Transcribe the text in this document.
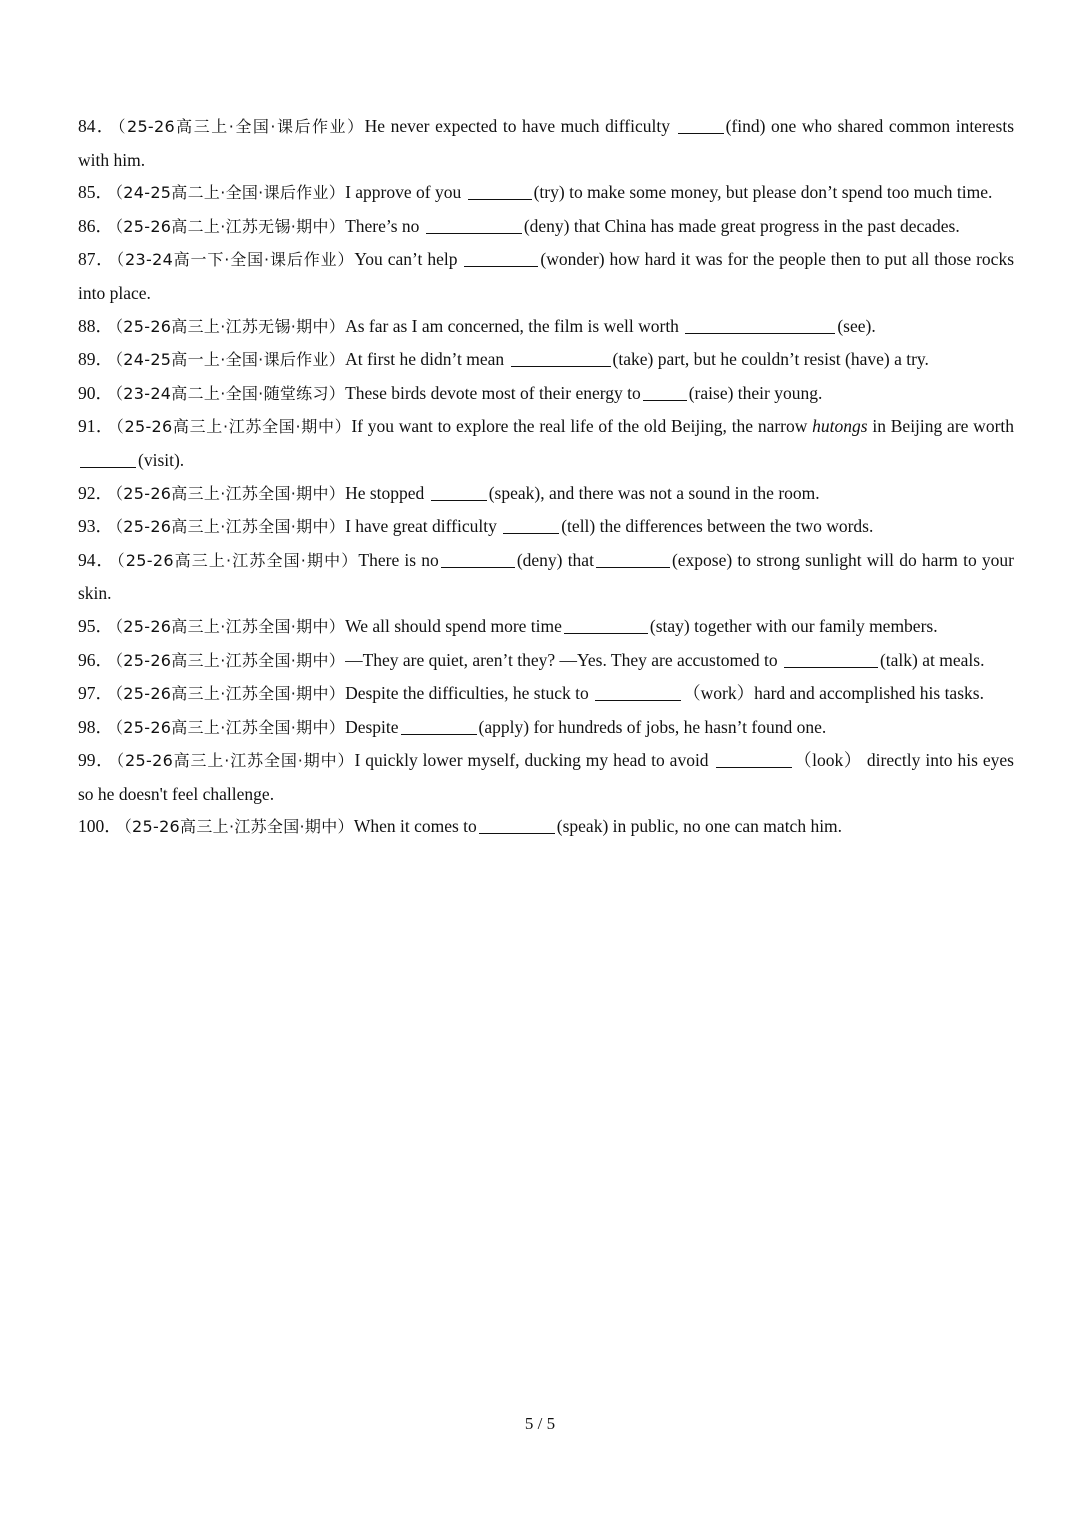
84． （25-26高三上·全国·课后作业）He never expected to have much difficulty	(find) one who shared common interests with him.

85． （24-25高二上·全国·课后作业）I approve of you	(try) to make some money, but please don’t spend too much time.

86． （25-26高二上·江苏无锡·期中）There’s no	(deny) that China has made great progress in the past decades.

87． （23-24高一下·全国·课后作业）You can’t help	(wonder) how hard it was for the people then to put all those rocks into place.

88． （25-26高三上·江苏无锡·期中）As far as I am concerned, the film is well worth	(see).

89． （24-25高一上·全国·课后作业）At first he didn’t mean	(take) part, but he couldn’t resist (have) a try.

90． （23-24高二上·全国·随堂练习）These birds devote most of their energy to	(raise) their young.

91． （25-26高三上·江苏全国·期中）If you want to explore the real life of the old Beijing, the narrow hutongs in Beijing are worth (visit).

92． （25-26高三上·江苏全国·期中）He stopped	(speak), and there was not a sound in the room.

93． （25-26高三上·江苏全国·期中）I have great difficulty	(tell) the differences between the two words.

94． （25-26高三上·江苏全国·期中）There is no	(deny) that	(expose) to strong sunlight will do harm to your skin.

95． （25-26高三上·江苏全国·期中）We all should spend more time	(stay) together with our family members.

96． （25-26高三上·江苏全国·期中）—They are quiet, aren’t they? —Yes. They are accustomed to	(talk) at meals.

97． （25-26高三上·江苏全国·期中）Despite the difficulties, he stuck to	（work）hard and accomplished his tasks.

98． （25-26高三上·江苏全国·期中）Despite	(apply) for hundreds of jobs, he hasn’t found one.

99． （25-26高三上·江苏全国·期中）I quickly lower myself, ducking my head to avoid	（look） directly into his eyes so he doesn't feel challenge.

100． （25-26高三上·江苏全国·期中）When it comes to	(speak) in public, no one can match him.

5 / 5
